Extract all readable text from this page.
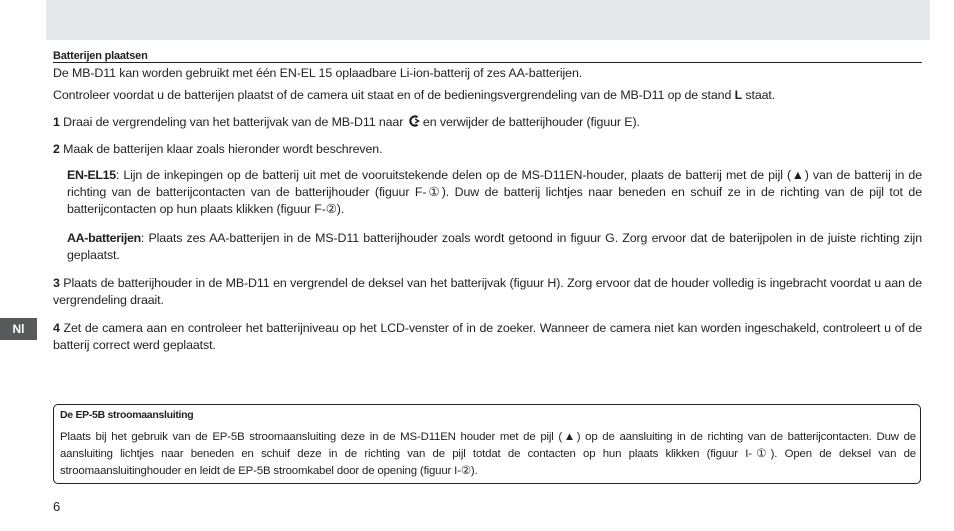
Batterijen plaatsen
De MB-D11 kan worden gebruikt met één EN-EL 15 oplaadbare Li-ion-batterij of zes AA-batterijen.
Controleer voordat u de batterijen plaatst of de camera uit staat en of de bedieningsvergrendeling van de MB-D11 op de stand L staat.
1 Draai de vergrendeling van het batterijvak van de MB-D11 naar  en verwijder de batterijhouder (figuur E).
2 Maak de batterijen klaar zoals hieronder wordt beschreven.
EN-EL15: Lijn de inkepingen op de batterij uit met de vooruitstekende delen op de MS-D11EN-houder, plaats de batterij met de pijl (▲) van de batterij in de richting van de batterijcontacten van de batterijhouder (figuur F-①). Duw de batterij lichtjes naar beneden en schuif ze in de richting van de pijl tot de batterijcontacten op hun plaats klikken (figuur F-②).
AA-batterijen: Plaats zes AA-batterijen in de MS-D11 batterijhouder zoals wordt getoond in figuur G. Zorg ervoor dat de baterijpolen in de juiste richting zijn geplaatst.
3 Plaats de batterijhouder in de MB-D11 en vergrendel de deksel van het batterijvak (figuur H). Zorg ervoor dat de houder volledig is ingebracht voordat u aan de vergrendeling draait.
Nl	4 Zet de camera aan en controleer het batterijniveau op het LCD-venster of in de zoeker. Wanneer de camera niet kan worden ingeschakeld, controleert u of de batterij correct werd geplaatst.
De EP-5B stroomaansluiting
Plaats bij het gebruik van de EP-5B stroomaansluiting deze in de MS-D11EN houder met de pijl (▲) op de aansluiting in de richting van de batterijcontacten. Duw de aansluiting lichtjes naar beneden en schuif deze in de richting van de pijl totdat de contacten op hun plaats klikken (figuur I-①). Open de deksel van de stroomaansluitinghouder en leidt de EP-5B stroomkabel door de opening (figuur I-②).
6
